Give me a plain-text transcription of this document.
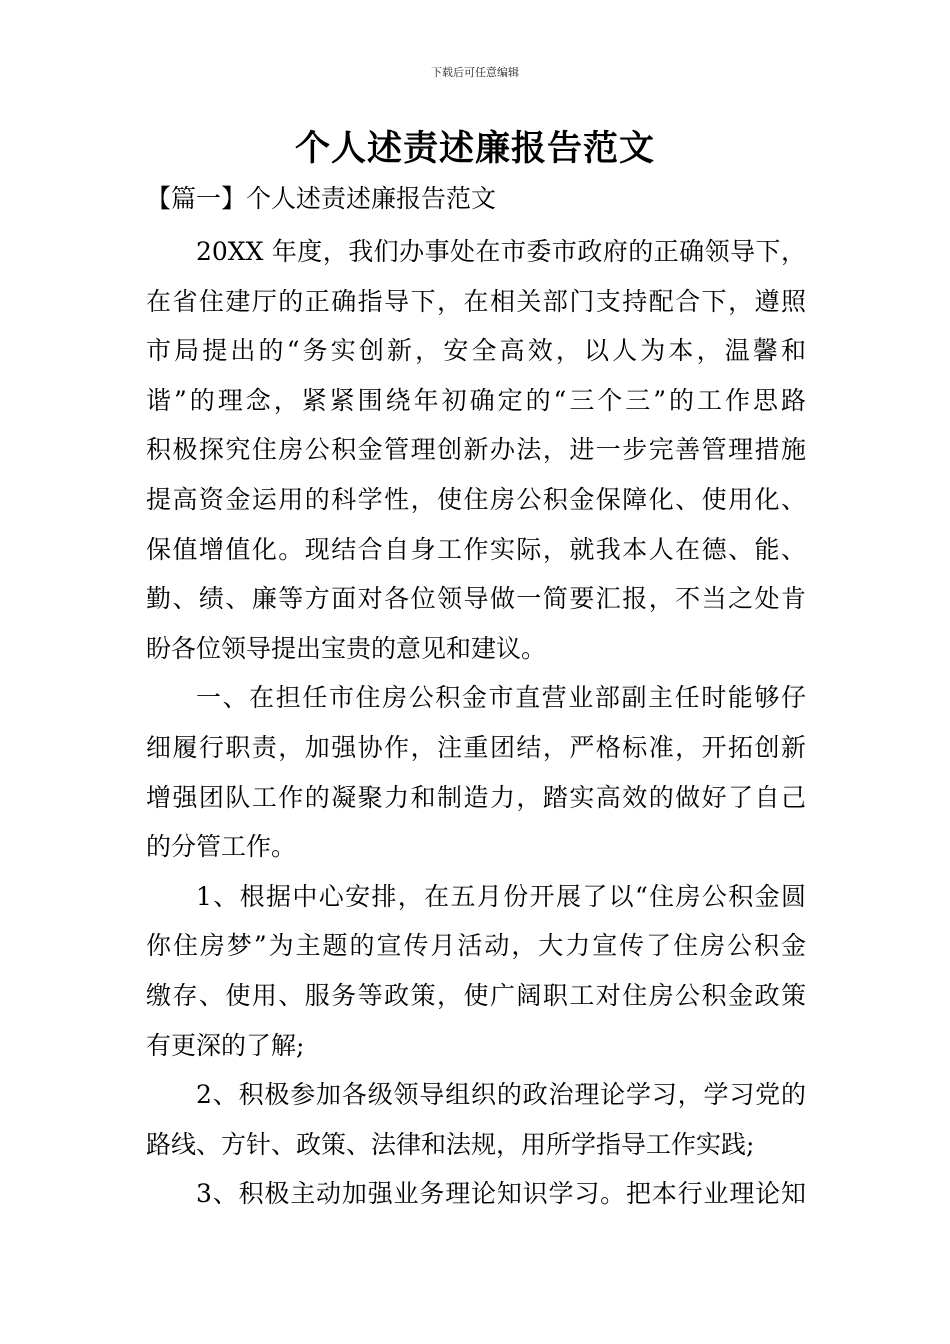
下载后可任意编辑
个人述责述廉报告范文
【篇一】个人述责述廉报告范文
20XX 年度，我们办事处在市委市政府的正确领导下，
在省住建厅的正确指导下，在相关部门支持配合下，遵照
市局提出的“务实创新，安全高效，以人为本，温馨和
谐”的理念，紧紧围绕年初确定的“三个三”的工作思路
积极探究住房公积金管理创新办法，进一步完善管理措施
提高资金运用的科学性，使住房公积金保障化、使用化、
保值增值化。现结合自身工作实际，就我本人在德、能、
勤、绩、廉等方面对各位领导做一简要汇报，不当之处肯
盼各位领导提出宝贵的意见和建议。
一、在担任市住房公积金市直营业部副主任时能够仔
细履行职责，加强协作，注重团结，严格标准，开拓创新
增强团队工作的凝聚力和制造力，踏实高效的做好了自己
的分管工作。
1、根据中心安排，在五月份开展了以“住房公积金圆
你住房梦”为主题的宣传月活动，大力宣传了住房公积金
缴存、使用、服务等政策，使广阔职工对住房公积金政策
有更深的了解;
2、积极参加各级领导组织的政治理论学习，学习党的
路线、方针、政策、法律和法规，用所学指导工作实践;
3、积极主动加强业务理论知识学习。把本行业理论知
